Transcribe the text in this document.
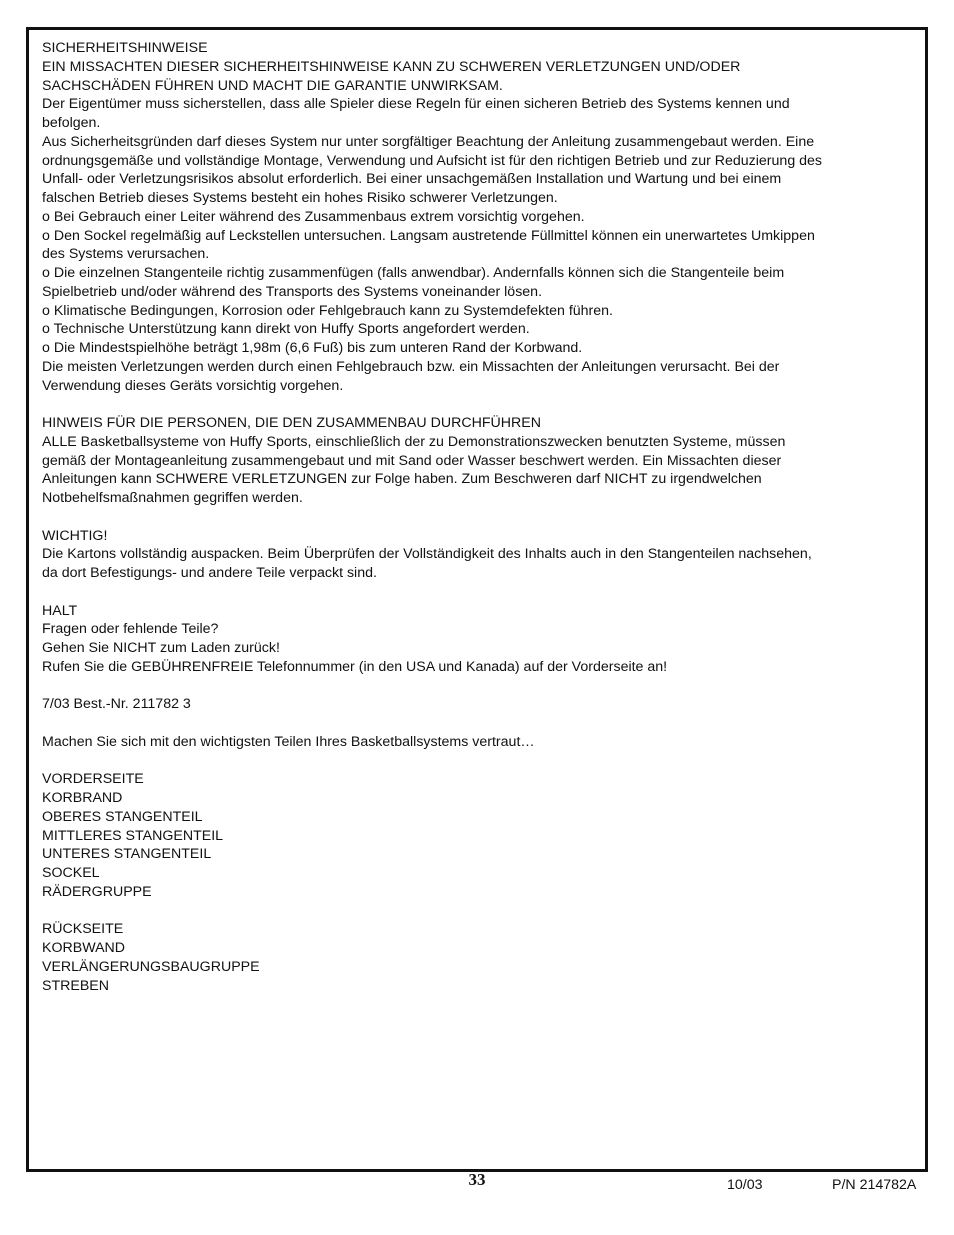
SICHERHEITSHINWEISE

EIN MISSACHTEN DIESER SICHERHEITSHINWEISE KANN ZU SCHWEREN VERLETZUNGEN UND/ODER

SACHSCHÄDEN FÜHREN UND MACHT DIE GARANTIE UNWIRKSAM.

Der Eigentümer muss sicherstellen, dass alle Spieler diese Regeln für einen sicheren Betrieb des Systems kennen und

befolgen.

Aus Sicherheitsgründen darf dieses System nur unter sorgfältiger Beachtung der Anleitung zusammengebaut werden. Eine

ordnungsgemäße und vollständige Montage, Verwendung und Aufsicht ist für den richtigen Betrieb und zur Reduzierung des

Unfall- oder Verletzungsrisikos absolut erforderlich. Bei einer unsachgemäßen Installation und Wartung und bei einem

falschen Betrieb dieses Systems besteht ein hohes Risiko schwerer Verletzungen.

o Bei Gebrauch einer Leiter während des Zusammenbaus extrem vorsichtig vorgehen.

o Den Sockel regelmäßig auf Leckstellen untersuchen. Langsam austretende Füllmittel können ein unerwartetes Umkippen

des Systems verursachen.

o Die einzelnen Stangenteile richtig zusammenfügen (falls anwendbar). Andernfalls können sich die Stangenteile beim

Spielbetrieb und/oder während des Transports des Systems voneinander lösen.

o Klimatische Bedingungen, Korrosion oder Fehlgebrauch kann zu Systemdefekten führen.

o Technische Unterstützung kann direkt von Huffy Sports angefordert werden.

o Die Mindestspielhöhe beträgt 1,98m (6,6 Fuß) bis zum unteren Rand der Korbwand.

Die meisten Verletzungen werden durch einen Fehlgebrauch bzw. ein Missachten der Anleitungen verursacht. Bei der

Verwendung dieses Geräts vorsichtig vorgehen.

HINWEIS FÜR DIE PERSONEN, DIE DEN ZUSAMMENBAU DURCHFÜHREN

ALLE Basketballsysteme von Huffy Sports, einschließlich der zu Demonstrationszwecken benutzten Systeme, müssen

gemäß der Montageanleitung zusammengebaut und mit Sand oder Wasser beschwert werden. Ein Missachten dieser

Anleitungen kann SCHWERE VERLETZUNGEN zur Folge haben. Zum Beschweren darf NICHT zu irgendwelchen

Notbehelfsmaßnahmen gegriffen werden.

WICHTIG!

Die Kartons vollständig auspacken. Beim Überprüfen der Vollständigkeit des Inhalts auch in den Stangenteilen nachsehen,

da dort Befestigungs- und andere Teile verpackt sind.

HALT

Fragen oder fehlende Teile?

Gehen Sie NICHT zum Laden zurück!

Rufen Sie die GEBÜHRENFREIE Telefonnummer (in den USA und Kanada) auf der Vorderseite an!

7/03 Best.-Nr. 211782 3

Machen Sie sich mit den wichtigsten Teilen Ihres Basketballsystems vertraut…

VORDERSEITE

KORBRAND

OBERES STANGENTEIL

MITTLERES STANGENTEIL

UNTERES STANGENTEIL

SOCKEL

RÄDERGRUPPE

RÜCKSEITE

KORBWAND

VERLÄNGERUNGSBAUGRUPPE

STREBEN

33	10/03	P/N 214782A
